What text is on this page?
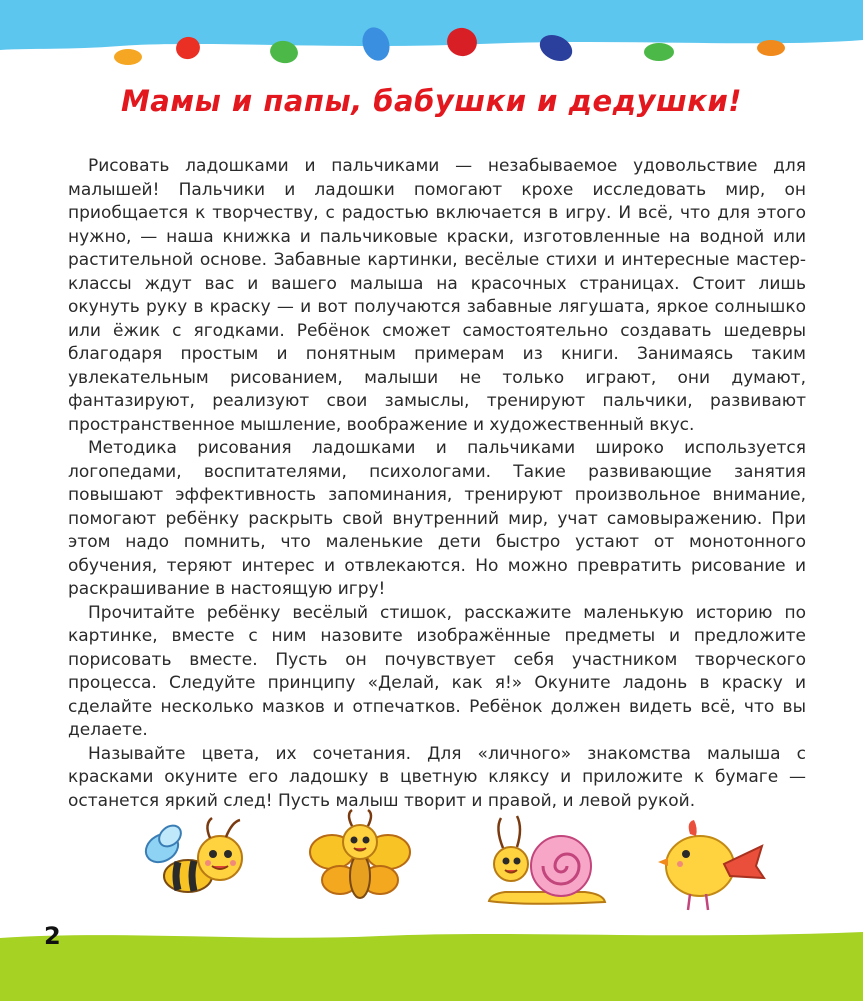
Мамы и папы, бабушки и дедушки!

Рисовать ладошками и пальчиками — незабываемое удовольствие для малышей! Пальчики и ладошки помогают крохе исследовать мир, он приобщается к творчеству, с радостью включается в игру. И всё, что для этого нужно, — наша книжка и пальчиковые краски, изготовленные на водной или растительной основе. Забавные картинки, весёлые стихи и интересные мастер-классы ждут вас и вашего малыша на красочных страницах. Стоит лишь окунуть руку в краску — и вот получаются забавные лягушата, яркое солнышко или ёжик с ягодками. Ребёнок сможет самостоятельно создавать шедевры благодаря простым и понятным примерам из книги. Занимаясь таким увлекательным рисованием, малыши не только играют, они думают, фантазируют, реализуют свои замыслы, тренируют пальчики, развивают пространственное мышление, воображение и художественный вкус.

Методика рисования ладошками и пальчиками широко используется логопедами, воспитателями, психологами. Такие развивающие занятия повышают эффективность запоминания, тренируют произвольное внимание, помогают ребёнку раскрыть свой внутренний мир, учат самовыражению. При этом надо помнить, что маленькие дети быстро устают от монотонного обучения, теряют интерес и отвлекаются. Но можно превратить рисование и раскрашивание в настоящую игру!

Прочитайте ребёнку весёлый стишок, расскажите маленькую историю по картинке, вместе с ним назовите изображённые предметы и предложите порисовать вместе. Пусть он почувствует себя участником творческого процесса. Следуйте принципу «Делай, как я!» Окуните ладонь в краску и сделайте несколько мазков и отпечатков. Ребёнок должен видеть всё, что вы делаете.

Называйте цвета, их сочетания. Для «личного» знакомства малыша с красками окуните его ладошку в цветную кляксу и приложите к бумаге — останется яркий след! Пусть малыш творит и правой, и левой рукой.

2
